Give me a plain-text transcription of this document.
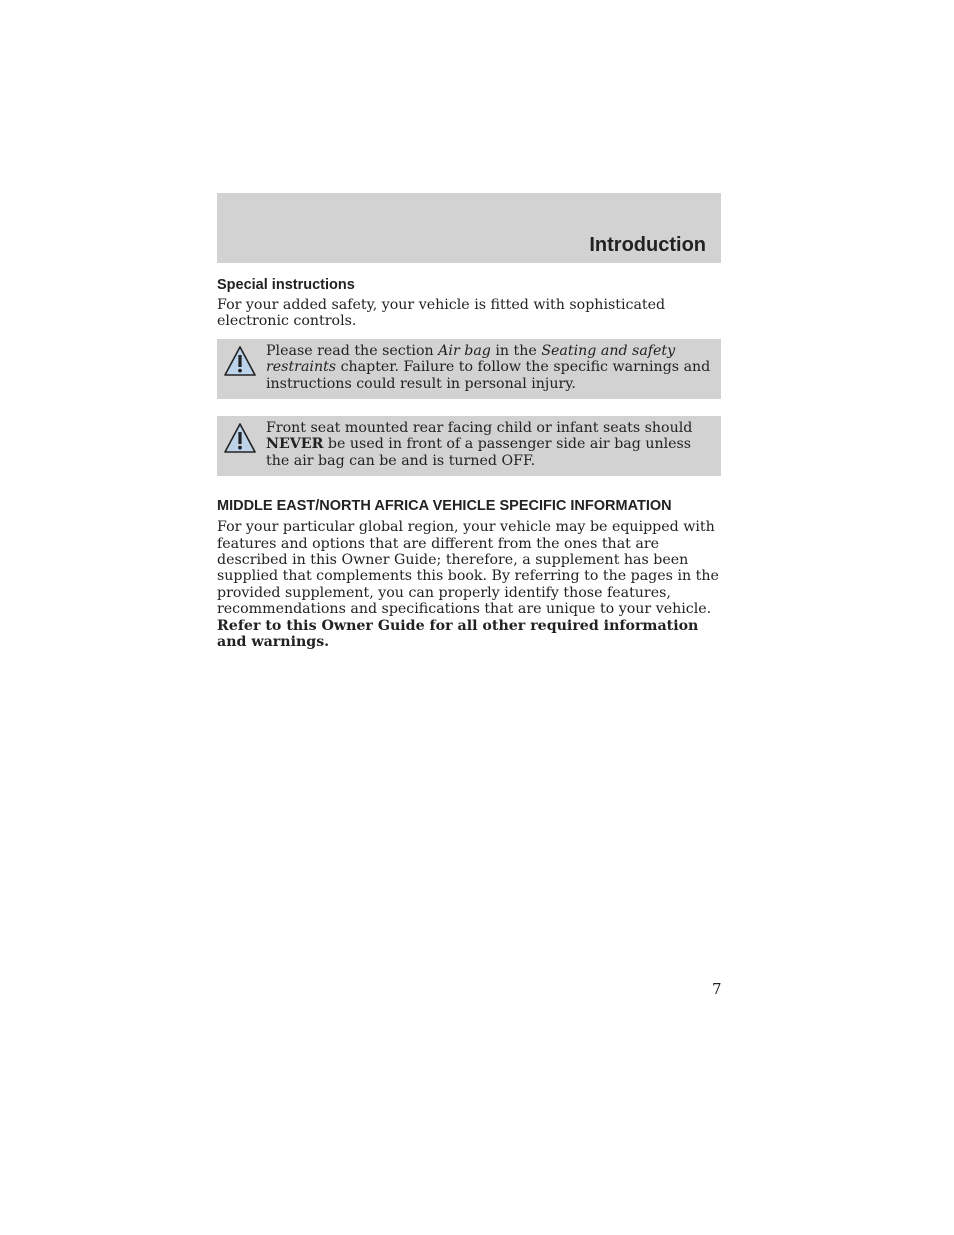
Introduction
Special instructions

For your added safety, your vehicle is fitted with sophisticated electronic controls.

Please read the section Air bag in the Seating and safety restraints chapter. Failure to follow the specific warnings and instructions could result in personal injury.
Front seat mounted rear facing child or infant seats should NEVER be used in front of a passenger side air bag unless the air bag can be and is turned OFF.
MIDDLE EAST/NORTH AFRICA VEHICLE SPECIFIC INFORMATION

For your particular global region, your vehicle may be equipped with features and options that are different from the ones that are described in this Owner Guide; therefore, a supplement has been supplied that complements this book. By referring to the pages in the provided supplement, you can properly identify those features, recommendations and specifications that are unique to your vehicle. Refer to this Owner Guide for all other required information and warnings.

7
